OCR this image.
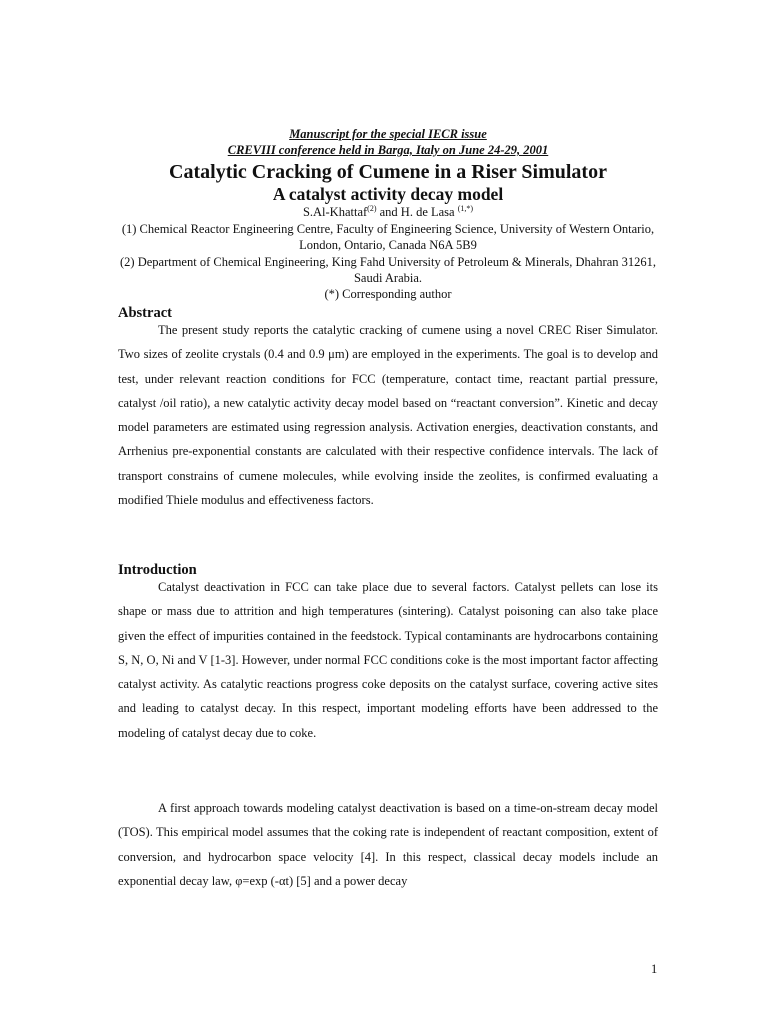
Manuscript for the special IECR issue
CREVIII conference held in Barga, Italy on June 24-29, 2001
Catalytic Cracking of Cumene in a Riser Simulator
A catalyst activity decay model
S.Al-Khattaf$^{(2)}$ and H. de Lasa $^{(1,*)}$
(1) Chemical Reactor Engineering Centre, Faculty of Engineering Science, University of Western Ontario, London, Ontario, Canada N6A 5B9
(2) Department of Chemical Engineering, King Fahd University of Petroleum & Minerals, Dhahran 31261, Saudi Arabia.
(*) Corresponding author
Abstract

The present study reports the catalytic cracking of cumene using a novel CREC Riser Simulator. Two sizes of zeolite crystals (0.4 and 0.9 μm) are employed in the experiments. The goal is to develop and test, under relevant reaction conditions for FCC (temperature, contact time, reactant partial pressure, catalyst /oil ratio), a new catalytic activity decay model based on “reactant conversion”. Kinetic and decay model parameters are estimated using regression analysis. Activation energies, deactivation constants, and Arrhenius pre-exponential constants are calculated with their respective confidence intervals. The lack of transport constrains of cumene molecules, while evolving inside the zeolites, is confirmed evaluating a modified Thiele modulus and effectiveness factors.

Introduction

Catalyst deactivation in FCC can take place due to several factors. Catalyst pellets can lose its shape or mass due to attrition and high temperatures (sintering). Catalyst poisoning can also take place given the effect of impurities contained in the feedstock. Typical contaminants are hydrocarbons containing S, N, O, Ni and V [1-3]. However, under normal FCC conditions coke is the most important factor affecting catalyst activity. As catalytic reactions progress coke deposits on the catalyst surface, covering active sites and leading to catalyst decay. In this respect, important modeling efforts have been addressed to the modeling of catalyst decay due to coke.

A first approach towards modeling catalyst deactivation is based on a time-on-stream decay model (TOS). This empirical model assumes that the coking rate is independent of reactant composition, extent of conversion, and hydrocarbon space velocity [4]. In this respect, classical decay models include an exponential decay law, φ=exp (-αt) [5] and a power decay

1
